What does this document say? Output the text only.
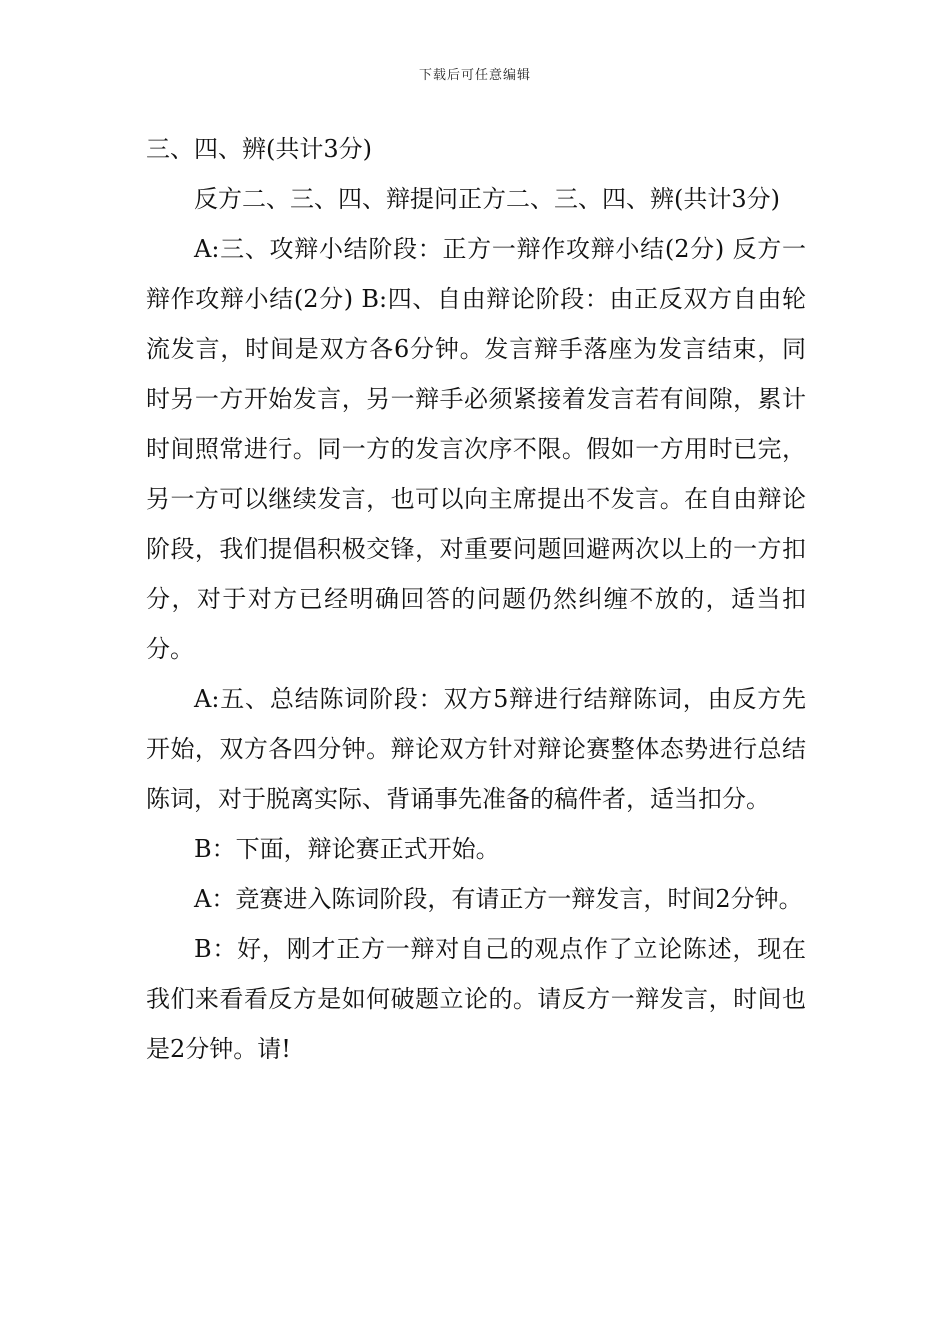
下载后可任意编辑

三、四、辨(共计3分)

反方二、三、四、辩提问正方二、三、四、辨(共计3分)

A:三、攻辩小结阶段：正方一辩作攻辩小结(2分) 反方一辩作攻辩小结(2分) B:四、自由辩论阶段：由正反双方自由轮流发言，时间是双方各6分钟。发言辩手落座为发言结束，同时另一方开始发言，另一辩手必须紧接着发言若有间隙，累计时间照常进行。同一方的发言次序不限。假如一方用时已完，另一方可以继续发言，也可以向主席提出不发言。在自由辩论阶段，我们提倡积极交锋，对重要问题回避两次以上的一方扣分，对于对方已经明确回答的问题仍然纠缠不放的，适当扣分。

A:五、总结陈词阶段：双方5辩进行结辩陈词，由反方先开始，双方各四分钟。辩论双方针对辩论赛整体态势进行总结陈词，对于脱离实际、背诵事先准备的稿件者，适当扣分。

B：下面，辩论赛正式开始。

A：竞赛进入陈词阶段，有请正方一辩发言，时间2分钟。

B：好，刚才正方一辩对自己的观点作了立论陈述，现在我们来看看反方是如何破题立论的。请反方一辩发言，时间也是2分钟。请!
